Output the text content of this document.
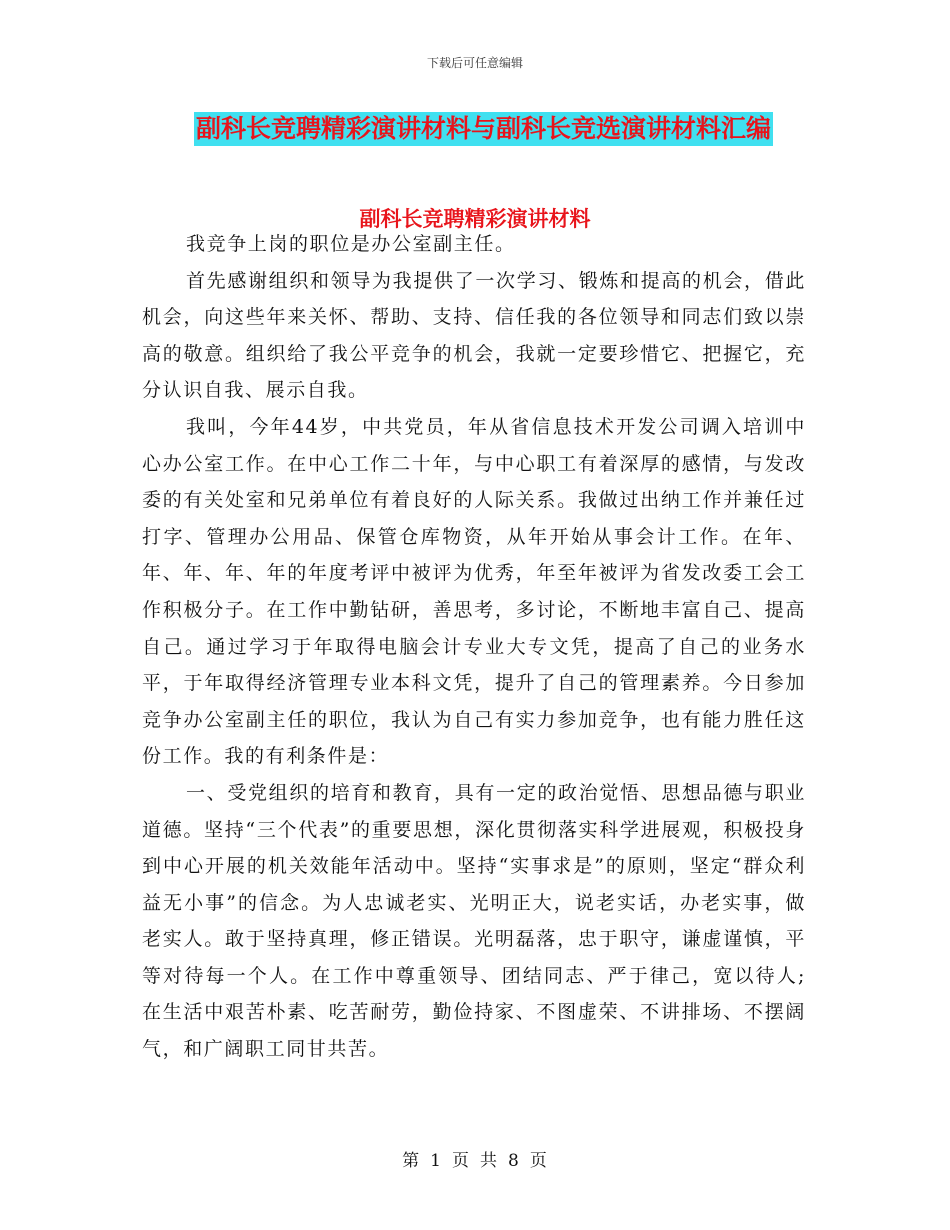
下载后可任意编辑
副科长竞聘精彩演讲材料与副科长竞选演讲材料汇编
副科长竞聘精彩演讲材料

我竞争上岗的职位是办公室副主任。

首先感谢组织和领导为我提供了一次学习、锻炼和提高的机会，借此机会，向这些年来关怀、帮助、支持、信任我的各位领导和同志们致以崇高的敬意。组织给了我公平竞争的机会，我就一定要珍惜它、把握它，充分认识自我、展示自我。

我叫，今年44岁，中共党员，年从省信息技术开发公司调入培训中心办公室工作。在中心工作二十年，与中心职工有着深厚的感情，与发改委的有关处室和兄弟单位有着良好的人际关系。我做过出纳工作并兼任过打字、管理办公用品、保管仓库物资，从年开始从事会计工作。在年、年、年、年、年的年度考评中被评为优秀，年至年被评为省发改委工会工作积极分子。在工作中勤钻研，善思考，多讨论，不断地丰富自己、提高自己。通过学习于年取得电脑会计专业大专文凭，提高了自己的业务水平，于年取得经济管理专业本科文凭，提升了自己的管理素养。今日参加竞争办公室副主任的职位，我认为自己有实力参加竞争，也有能力胜任这份工作。我的有利条件是：

一、受党组织的培育和教育，具有一定的政治觉悟、思想品德与职业道德。坚持“三个代表”的重要思想，深化贯彻落实科学进展观，积极投身到中心开展的机关效能年活动中。坚持“实事求是”的原则，坚定“群众利益无小事”的信念。为人忠诚老实、光明正大，说老实话，办老实事，做老实人。敢于坚持真理，修正错误。光明磊落，忠于职守，谦虚谨慎，平等对待每一个人。在工作中尊重领导、团结同志、严于律己，宽以待人;在生活中艰苦朴素、吃苦耐劳，勤俭持家、不图虚荣、不讲排场、不摆阔气，和广阔职工同甘共苦。

第 1 页 共 8 页
